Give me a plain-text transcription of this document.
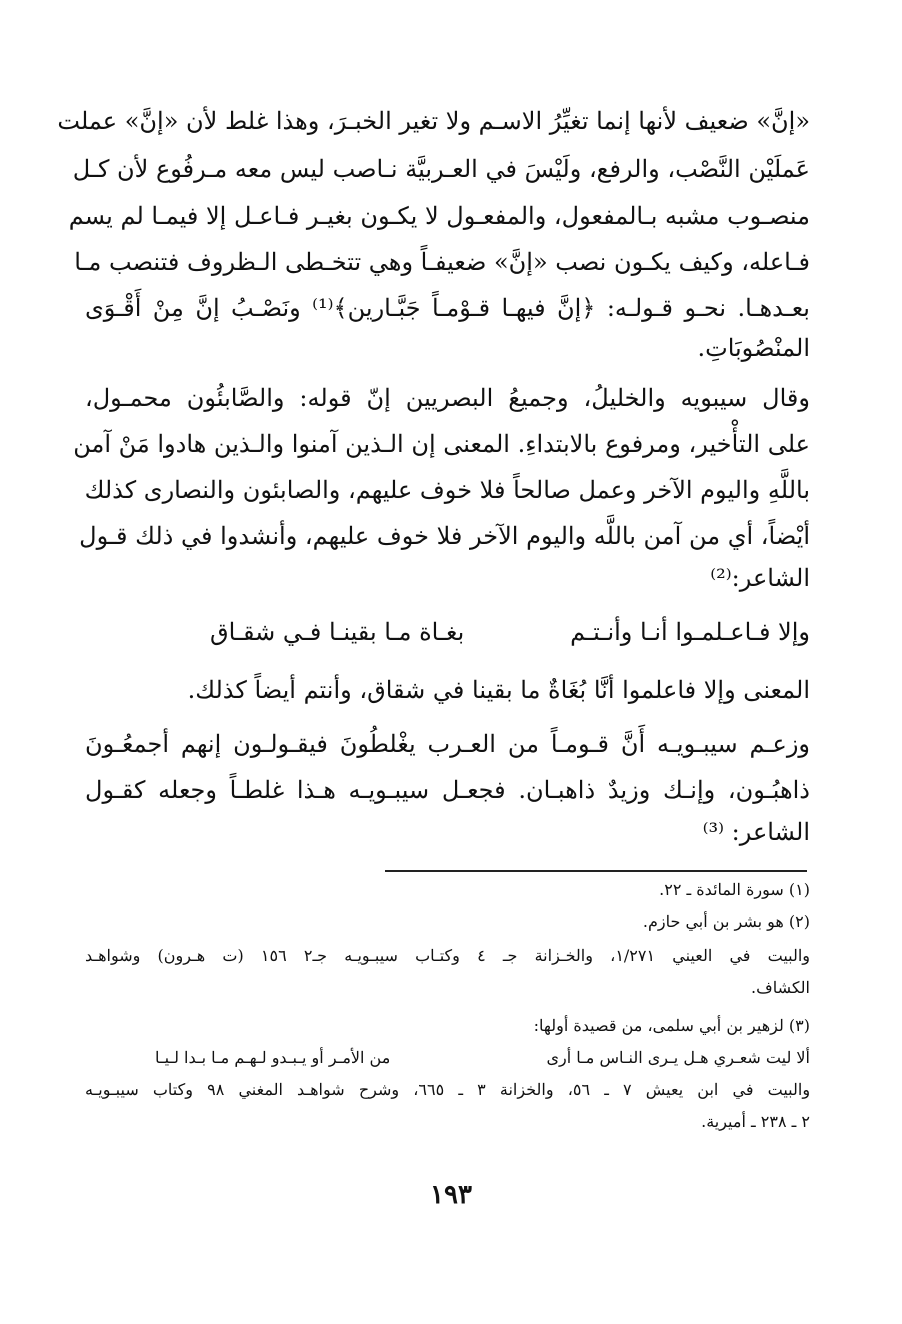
«إنَّ» ضعيف لأنها إنما تغيِّرُ الاسـم ولا تغير الخبـرَ، وهذا غلط لأن «إنَّ» عملت
عَملَيْن النَّصْب، والرفع، ولَيْسَ في العـربيَّة نـاصب ليس معه مـرفُوع لأن كـل
منصـوب مشبه بـالمفعول، والمفعـول لا يكـون بغيـر فـاعـل إلا فيمـا لم يسم
فـاعله، وكيف يكـون نصب «إنَّ» ضعيفـاً وهي تتخـطى الـظروف فتنصب مـا
بعـدهـا. نحـو قـولـه: ﴿إنَّ فيهـا قـوْمـاً جَبَّـارين﴾⁽¹⁾ ونَصْـبُ إنَّ مِنْ أَقْـوَى
المنْصُوبَاتِ.
وقال سيبويه والخليلُ، وجميعُ البصريين إنّ قوله: والصَّابئُون محمـول،
على التأْخير، ومرفوع بالابتداءِ. المعنى إن الـذين آمنوا والـذين هادوا مَنْ آمن
باللَّهِ واليوم الآخر وعمل صالحاً فلا خوف عليهم، والصابئون والنصارى كذلك
أيْضاً، أي من آمن باللَّه واليوم الآخر فلا خوف عليهم، وأنشدوا في ذلك قـول
الشاعر:⁽²⁾
وإلا فـاعـلمـوا أنـا وأنـتـم
بغـاة مـا بقينـا فـي شقـاق
المعنى وإلا فاعلموا أنَّا بُغَاةٌ ما بقينا في شقاق، وأنتم أيضاً كذلك.
وزعـم سيبـويـه أَنَّ قـومـاً من العـرب يغْلطُونَ فيقـولـون إنهم أجمعُـونَ
ذاهبُـون، وإنـك وزيدٌ ذاهبـان. فجعـل سيبـويـه هـذا غلطـاً وجعله كقـول
الشاعر: ⁽³⁾
(١) سورة المائدة ـ ٢٢.
(٢) هو بشر بن أبي حازم.
والبيت في العيني ١/٢٧١، والخـزانة جـ ٤ وكتـاب سيبـويـه جـ٢ ١٥٦ (ت هـرون) وشواهـد
الكشاف.
(٣) لزهير بن أبي سلمى، من قصيدة أولها:
ألا ليت شعـري هـل يـرى النـاس مـا أرى
من الأمـر أو يـبـدو لـهـم مـا بـدا لـيـا
والبيت في ابن يعيش ٧ ـ ٥٦، والخزانة ٣ ـ ٦٦٥، وشرح شواهـد المغني ٩٨ وكتاب سيبـويـه
٢ ـ ٢٣٨ ـ أميرية.
١٩٣
